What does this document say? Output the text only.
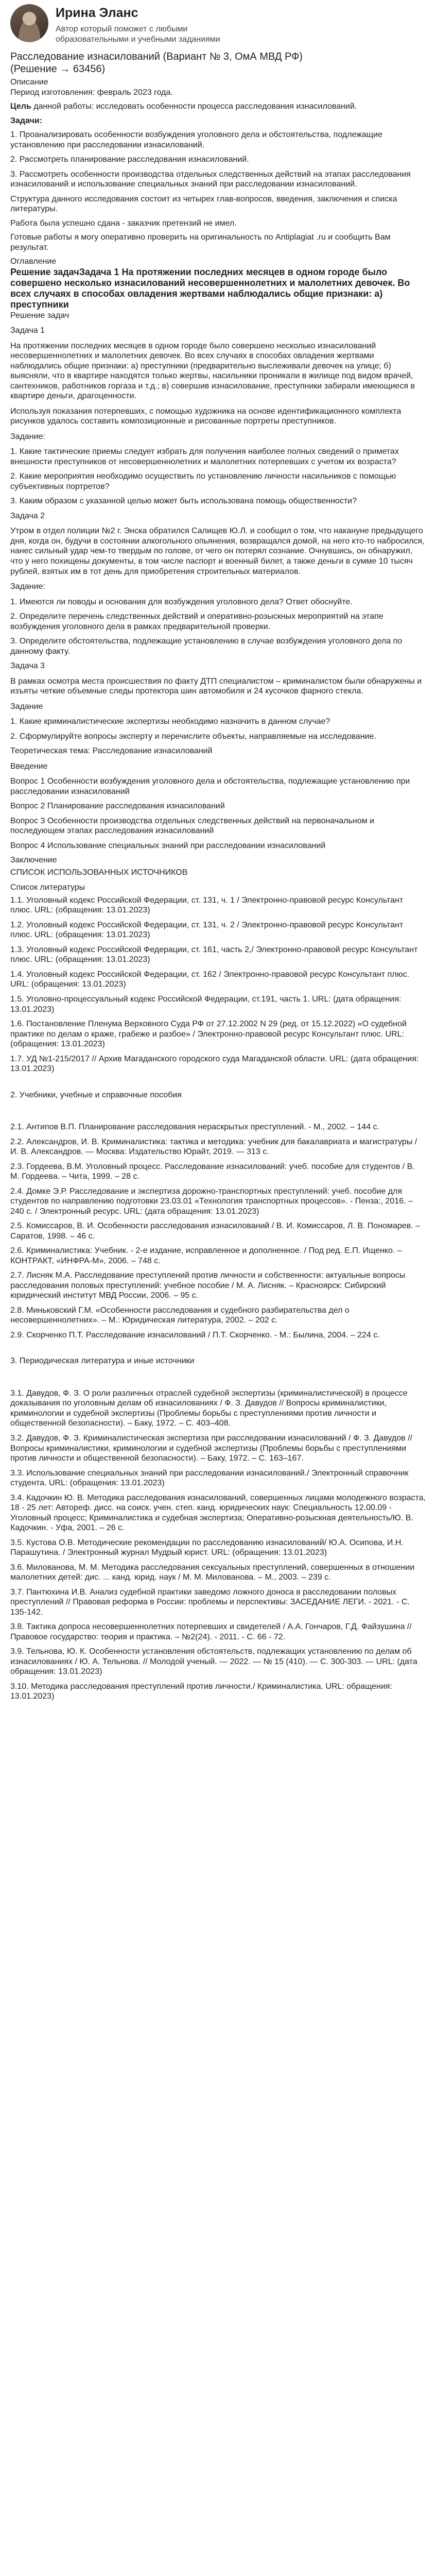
Ирина Эланс
Автор который поможет с любыми образовательными и учебными заданиями
Расследование изнасилований (Вариант № 3, ОмА МВД РФ)
(Решение → 63456)

Описание

Период изготовления: февраль 2023 года.

Цель данной работы: исследовать особенности процесса расследования изнасилований.

Задачи:

1. Проанализировать особенности возбуждения уголовного дела и обстоятельства, подлежащие установлению при расследовании изнасилований.

2. Рассмотреть планирование расследования изнасилований.

3. Рассмотреть особенности производства отдельных следственных действий на этапах расследования изнасилований и использование специальных знаний при расследовании изнасилований.

Структура данного исследования состоит из четырех глав-вопросов, введения, заключения и списка литературы.

Работа была успешно сдана - заказчик претензий не имел.

Готовые работы я могу оперативно проверить на оригинальность по Antiplagiat .ru и сообщить Вам результат.

Оглавление

Решение задачЗадача 1 На протяжении последних месяцев в одном городе было совершено несколько изнасилований несовершеннолетних и малолетних девочек. Во всех случаях в способах овладения жертвами наблюдались общие признаки: а) преступники

Решение задач

Задача 1

На протяжении последних месяцев в одном городе было совершено несколько изнасилований несовершеннолетних и малолетних девочек. Во всех случаях в способах овладения жертвами наблюдались общие признаки: а) преступники (предварительно выслеживали девочек на улице; б) выясняли, что в квартире находятся только жертвы, насильники проникали в жилище под видом врачей, сантехников, работников горгаза и т.д.; в) совершив изнасилование, преступники забирали имеющиеся в квартире деньги, драгоценности.

Используя показания потерпевших, с помощью художника на основе идентификационного комплекта рисунков удалось составить композиционные и рисованные портреты преступников.

Задание:

1. Какие тактические приемы следует избрать для получения наиболее полных сведений о приметах внешности преступников от несовершеннолетних и малолетних потерпевших с учетом их возраста?

2. Какие мероприятия необходимо осуществить по установлению личности насильников с помощью субъективных портретов?

3. Каким образом с указанной целью может быть использована помощь общественности?

Задача 2

Утром в отдел полиции №2 г. Энска обратился Салищев Ю.Л. и сообщил о том, что накануне предыдущего дня, когда он, будучи в состоянии алкогольного опьянения, возвращался домой, на него кто-то набросился, нанес сильный удар чем-то твердым по голове, от чего он потерял сознание. Очнувшись, он обнаружил, что у него похищены документы, в том числе паспорт и военный билет, а также деньги в сумме 10 тысяч рублей, взятых им в тот день для приобретения строительных материалов.

Задание:

1. Имеются ли поводы и основания для возбуждения уголовного дела? Ответ обоснуйте.

2. Определите перечень следственных действий и оперативно-розыскных мероприятий на этапе возбуждения уголовного дела в рамках предварительной проверки.

3. Определите обстоятельства, подлежащие установлению в случае возбуждения уголовного дела по данному факту.

Задача 3

В рамках осмотра места происшествия по факту ДТП специалистом – криминалистом были обнаружены и изъяты четкие объемные следы протектора шин автомобиля и 24 кусочков фарного стекла.

Задание

1. Какие криминалистические экспертизы необходимо назначить в данном случае?

2. Сформулируйте вопросы эксперту и перечислите объекты, направляемые на исследование.

Теоретическая тема: Расследование изнасилований

Введение

Вопрос 1 Особенности возбуждения уголовного дела и обстоятельства, подлежащие установлению при расследовании изнасилований

Вопрос 2 Планирование расследования изнасилований

Вопрос 3 Особенности производства отдельных следственных действий на первоначальном и последующем этапах расследования изнасилований

Вопрос 4 Использование специальных знаний при расследовании изнасилований

Заключение

СПИСОК ИСПОЛЬЗОВАННЫХ ИСТОЧНИКОВ

Список литературы

1.1. Уголовный кодекс Российской Федерации, ст. 131, ч. 1 / Электронно-правовой ресурс Консультант плюс. URL: (обращения: 13.01.2023)

1.2. Уголовный кодекс Российской Федерации, ст. 131, ч. 2 / Электронно-правовой ресурс Консультант плюс. URL: (обращения: 13.01.2023)

1.3. Уголовный кодекс Российской Федерации, ст. 161, часть 2,/ Электронно-правовой ресурс Консультант плюс. URL: (обращения: 13.01.2023)

1.4. Уголовный кодекс Российской Федерации, ст. 162 / Электронно-правовой ресурс Консультант плюс. URL: (обращения: 13.01.2023)

1.5. Уголовно-процессуальный кодекс Российской Федерации, ст.191, часть 1. URL: (дата обращения: 13.01.2023)

1.6. Постановление Пленума Верховного Суда РФ от 27.12.2002 N 29 (ред. от 15.12.2022) «О судебной практике по делам о краже, грабеже и разбое» / Электронно-правовой ресурс Консультант плюс. URL: (обращения: 13.01.2023)

1.7. УД №1-215/2017 // Архив Магаданского городского суда Магаданской области. URL: (дата обращения: 13.01.2023)

2. Учебники, учебные и справочные пособия

2.1. Антипов В.П. Планирование расследования нераскрытых преступлений. - М., 2002. – 144 с.

2.2. Александров, И. В. Криминалистика: тактика и методика: учебник для бакалавриата и магистратуры / И. В. Александров. — Москва: Издательство Юрайт, 2019. — 313 с.

2.3. Гордеева, В.М. Уголовный процесс. Расследование изнасилований: учеб. пособие для студентов / В. М. Гордеева. – Чита, 1999. – 28 с.

2.4. Домке Э.Р. Расследование и экспертиза дорожно-транспортных преступлений: учеб. пособие для студентов по направлению подготовки 23.03.01 «Технология транспортных процессов». - Пенза:, 2016. – 240 с. / Электронный ресурс. URL: (дата обращения: 13.01.2023)

2.5. Комиссаров, В. И. Особенности расследования изнасилований / В. И. Комиссаров, Л. В. Пономарев. – Саратов, 1998. – 46 с.

2.6. Криминалистика: Учебник. - 2-е издание, исправленное и дополненное. / Под ред. Е.П. Ищенко. – КОНТРАКТ, «ИНФРА-М», 2006. – 748 с.

2.7. Лисняк М.А. Расследование преступлений против личности и собственности: актуальные вопросы расследования половых преступлений: учебное пособие / М. А. Лисняк. – Красноярск: Сибирский юридический институт МВД России, 2006. – 95 с.

2.8. Миньковский Г.М. «Особенности расследования и судебного разбирательства дел о несовершеннолетних». – М.: Юридическая литература, 2002. – 202 с.

2.9. Скорченко П.Т. Расследование изнасилований / П.Т. Скорченко. - М.: Былина, 2004. – 224 с.

3. Периодическая литература и иные источники

3.1. Давудов, Ф. З. О роли различных отраслей судебной экспертизы (криминалистической) в процессе доказывания по уголовным делам об изнасилованиях / Ф. З. Давудов // Вопросы криминалистики, криминологии и судебной экспертизы (Проблемы борьбы с преступлениями против личности и общественной безопасности). – Баку, 1972. – С. 403–408.

3.2. Давудов, Ф. З. Криминалистическая экспертиза при расследовании изнасилований / Ф. З. Давудов // Вопросы криминалистики, криминологии и судебной экспертизы (Проблемы борьбы с преступлениями против личности и общественной безопасности). – Баку, 1972. – С. 163–167.

3.3. Использование специальных знаний при расследовании изнасилований./ Электронный справочник студента. URL: (обращения: 13.01.2023)

3.4. Кадочкин Ю. В. Методика расследования изнасилований, совершенных лицами молодежного возраста, 18 - 25 лет: Автореф. дисс. на соиск. учен. степ. канд. юридических наук: Специальность 12.00.09 - Уголовный процесс; Криминалистика и судебная экспертиза; Оперативно-розыскная деятельность/Ю. В. Кадочкин. - Уфа, 2001. – 26 с.

3.5. Кустова О.В. Методические рекомендации по расследованию изнасилований/ Ю.А. Осипова, И.Н. Парашутина. / Электронный журнал Мудрый юрист. URL: (обращения: 13.01.2023)

3.6. Милованова, М. М. Методика расследования сексуальных преступлений, совершенных в отношении малолетних детей: дис. ... канд. юрид. наук / М. М. Милованова. – М., 2003. – 239 с.

3.7. Пантюхина И.В. Анализ судебной практики заведомо ложного доноса в расследовании половых преступлений // Правовая реформа в России: проблемы и перспективы: ЗАСЕДАНИЕ ЛЕГИ. - 2021. - С. 135-142.

3.8. Тактика допроса несовершеннолетних потерпевших и свидетелей / А.А. Гончаров, Г.Д. Файзушина // Правовое государство: теория и практика. – №2(24). - 2011. - С. 66 - 72.

3.9. Тельнова, Ю. К. Особенности установления обстоятельств, подлежащих установлению по делам об изнасилованиях / Ю. А. Тельнова. // Молодой ученый. — 2022. — № 15 (410). — С. 300-303. — URL: (дата обращения: 13.01.2023)

3.10. Методика расследования преступлений против личности./ Криминалистика. URL: обращения: 13.01.2023)
